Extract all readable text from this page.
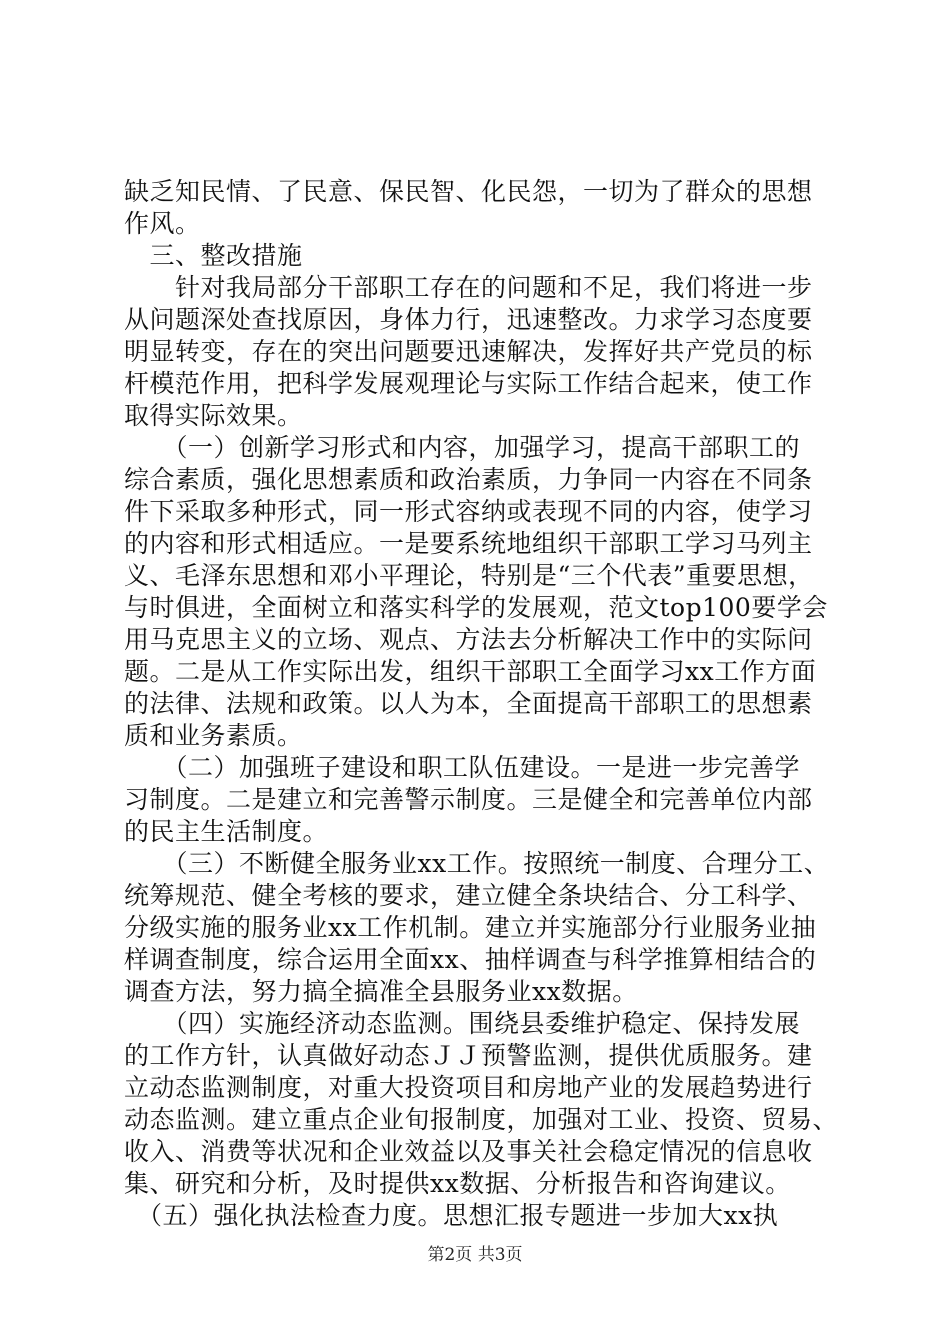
缺乏知民情、了民意、保民智、化民怨，一切为了群众的思想
作风。
　三、整改措施
　　针对我局部分干部职工存在的问题和不足，我们将进一步
从问题深处查找原因，身体力行，迅速整改。力求学习态度要
明显转变，存在的突出问题要迅速解决，发挥好共产党员的标
杆模范作用，把科学发展观理论与实际工作结合起来，使工作
取得实际效果。
　　（一）创新学习形式和内容，加强学习，提高干部职工的
综合素质，强化思想素质和政治素质，力争同一内容在不同条
件下采取多种形式，同一形式容纳或表现不同的内容，使学习
的内容和形式相适应。一是要系统地组织干部职工学习马列主
义、毛泽东思想和邓小平理论，特别是“三个代表”重要思想，
与时俱进，全面树立和落实科学的发展观，范文top100要学会
用马克思主义的立场、观点、方法去分析解决工作中的实际问
题。二是从工作实际出发，组织干部职工全面学习xx工作方面
的法律、法规和政策。以人为本，全面提高干部职工的思想素
质和业务素质。
　　（二）加强班子建设和职工队伍建设。一是进一步完善学
习制度。二是建立和完善警示制度。三是健全和完善单位内部
的民主生活制度。
　　（三）不断健全服务业xx工作。按照统一制度、合理分工、
统筹规范、健全考核的要求，建立健全条块结合、分工科学、
分级实施的服务业xx工作机制。建立并实施部分行业服务业抽
样调查制度，综合运用全面xx、抽样调查与科学推算相结合的
调查方法，努力搞全搞准全县服务业xx数据。
　　（四）实施经济动态监测。围绕县委维护稳定、保持发展
的工作方针，认真做好动态ＪＪ预警监测，提供优质服务。建
立动态监测制度，对重大投资项目和房地产业的发展趋势进行
动态监测。建立重点企业旬报制度，加强对工业、投资、贸易、
收入、消费等状况和企业效益以及事关社会稳定情况的信息收
集、研究和分析，及时提供xx数据、分析报告和咨询建议。
　（五）强化执法检查力度。思想汇报专题进一步加大xx执
第2页 共3页
